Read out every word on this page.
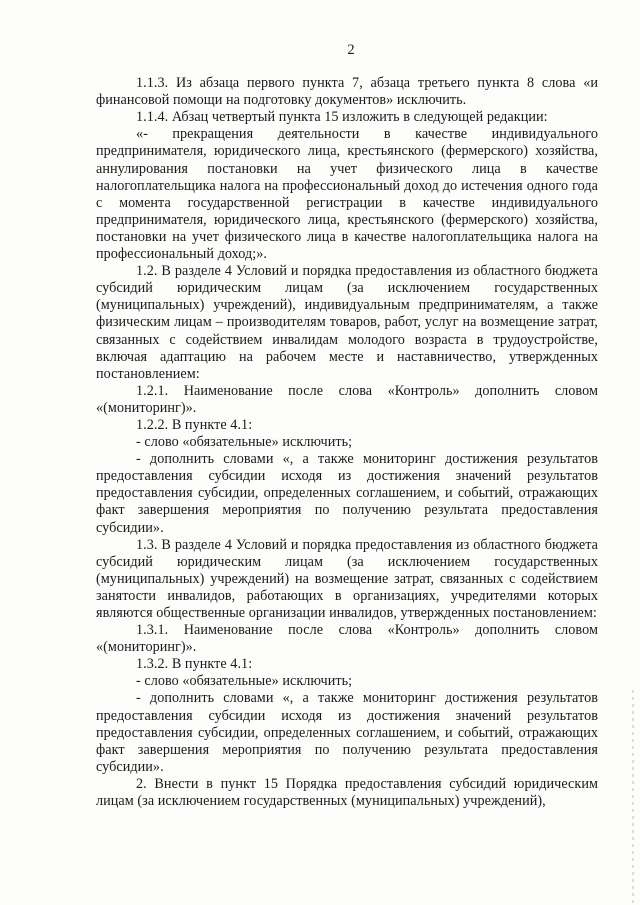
2

1.1.3. Из абзаца первого пункта 7, абзаца третьего пункта 8 слова «и финансовой помощи на подготовку документов» исключить.

1.1.4. Абзац четвертый пункта 15 изложить в следующей редакции:

«- прекращения деятельности в качестве индивидуального предпринимателя, юридического лица, крестьянского (фермерского) хозяйства, аннулирования постановки на учет физического лица в качестве налогоплательщика налога на профессиональный доход до истечения одного года с момента государственной регистрации в качестве индивидуального предпринимателя, юридического лица, крестьянского (фермерского) хозяйства, постановки на учет физического лица в качестве налогоплательщика налога на профессиональный доход;».

1.2. В разделе 4 Условий и порядка предоставления из областного бюджета субсидий юридическим лицам (за исключением государственных (муниципальных) учреждений), индивидуальным предпринимателям, а также физическим лицам – производителям товаров, работ, услуг на возмещение затрат, связанных с содействием инвалидам молодого возраста в трудоустройстве, включая адаптацию на рабочем месте и наставничество, утвержденных постановлением:

1.2.1. Наименование после слова «Контроль» дополнить словом «(мониторинг)».

1.2.2. В пункте 4.1:

- слово «обязательные» исключить;

- дополнить словами «, а также мониторинг достижения результатов предоставления субсидии исходя из достижения значений результатов предоставления субсидии, определенных соглашением, и событий, отражающих факт завершения мероприятия по получению результата предоставления субсидии».

1.3. В разделе 4 Условий и порядка предоставления из областного бюджета субсидий юридическим лицам (за исключением государственных (муниципальных) учреждений) на возмещение затрат, связанных с содействием занятости инвалидов, работающих в организациях, учредителями которых являются общественные организации инвалидов, утвержденных постановлением:

1.3.1. Наименование после слова «Контроль» дополнить словом «(мониторинг)».

1.3.2. В пункте 4.1:

- слово «обязательные» исключить;

- дополнить словами «, а также мониторинг достижения результатов предоставления субсидии исходя из достижения значений результатов предоставления субсидии, определенных соглашением, и событий, отражающих факт завершения мероприятия по получению результата предоставления субсидии».

2. Внести в пункт 15 Порядка предоставления субсидий юридическим лицам (за исключением государственных (муниципальных) учреждений),
